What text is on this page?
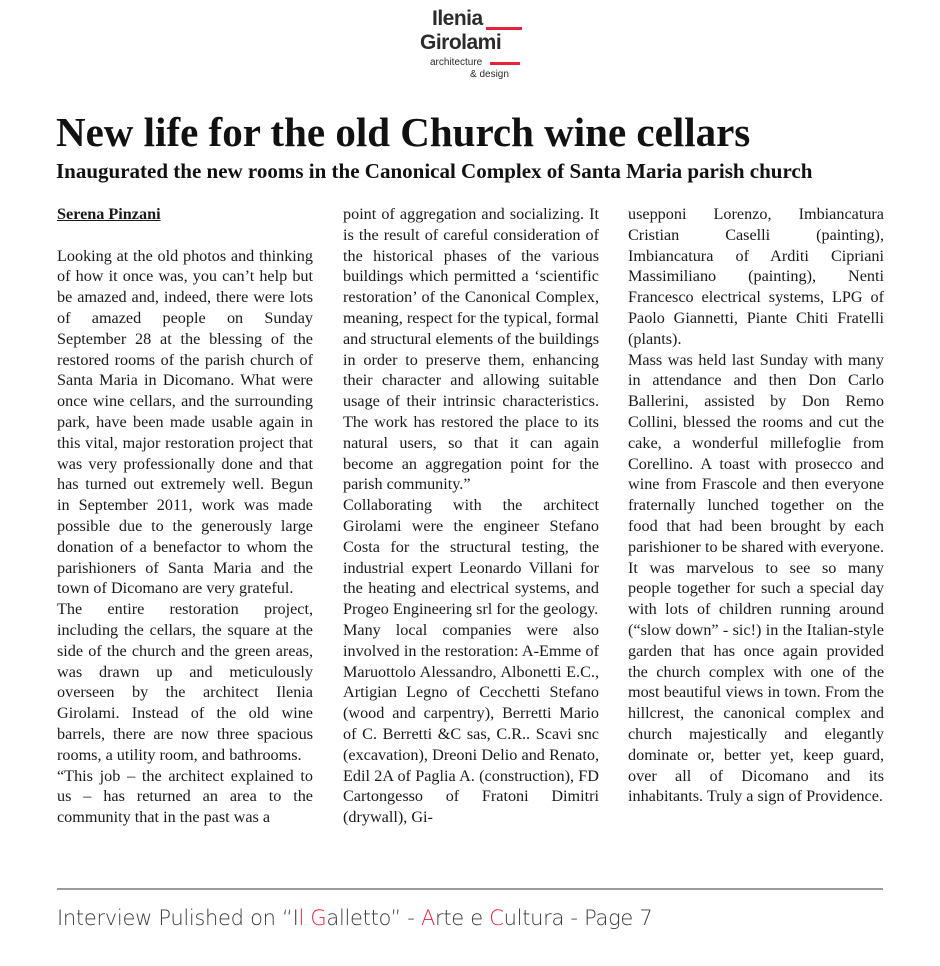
Ilenia
Girolami
architecture
& design
New life for the old Church wine cellars
Inaugurated the new rooms in the Canonical Complex of Santa Maria parish church

Serena Pinzani

Looking at the old photos and thinking of how it once was, you can’t help but be amazed and, indeed, there were lots of amazed people on Sunday September 28 at the blessing of the restored rooms of the parish church of Santa Maria in Dicomano. What were once wine cellars, and the surrounding park, have been made usable again in this vital, major restoration project that was very professionally done and that has turned out extremely well. Begun in September 2011, work was made possible due to the generously large donation of a benefactor to whom the parishioners of Santa Maria and the town of Dicomano are very grateful.

The entire restoration project, including the cellars, the square at the side of the church and the green areas, was drawn up and meticulously overseen by the architect Ilenia Girolami. Instead of the old wine barrels, there are now three spacious rooms, a utility room, and bathrooms.

“This job – the architect explained to us – has returned an area to the community that in the past was a

point of aggregation and socializing. It is the result of careful consideration of the historical phases of the various buildings which permitted a ‘scientific restoration’ of the Canonical Complex, meaning, respect for the typical, formal and structural elements of the buildings in order to preserve them, enhancing their character and allowing suitable usage of their intrinsic characteristics. The work has restored the place to its natural users, so that it can again become an aggregation point for the parish community.”

Collaborating with the architect Girolami were the engineer Stefano Costa for the structural testing, the industrial expert Leonardo Villani for the heating and electrical systems, and Progeo Engineering srl for the geology.

Many local companies were also involved in the restoration: A-Emme of Maruottolo Alessandro, Albonetti E.C., Artigian Legno of Cecchetti Stefano (wood and carpentry), Berretti Mario of C. Berretti &C sas, C.R.. Scavi snc (excavation), Dreoni Delio and Renato, Edil 2A of Paglia A. (construction), FD Cartongesso of Fratoni Dimitri (drywall), Gi-

usepponi Lorenzo, Imbiancatura Cristian Caselli (painting), Imbiancatura of Arditi Cipriani Massimiliano (painting), Nenti Francesco electrical systems, LPG of Paolo Giannetti, Piante Chiti Fratelli (plants).

Mass was held last Sunday with many in attendance and then Don Carlo Ballerini, assisted by Don Remo Collini, blessed the rooms and cut the cake, a wonderful millefoglie from Corellino. A toast with prosecco and wine from Frascole and then everyone fraternally lunched together on the food that had been brought by each parishioner to be shared with everyone. It was marvelous to see so many people together for such a special day with lots of children running around (“slow down” - sic!) in the Italian-style garden that has once again provided the church complex with one of the most beautiful views in town. From the hillcrest, the canonical complex and church majestically and elegantly dominate or, better yet, keep guard, over all of Dicomano and its inhabitants. Truly a sign of Providence.

Interview Pulished on “Il Galletto” - Arte e Cultura - Page 7
